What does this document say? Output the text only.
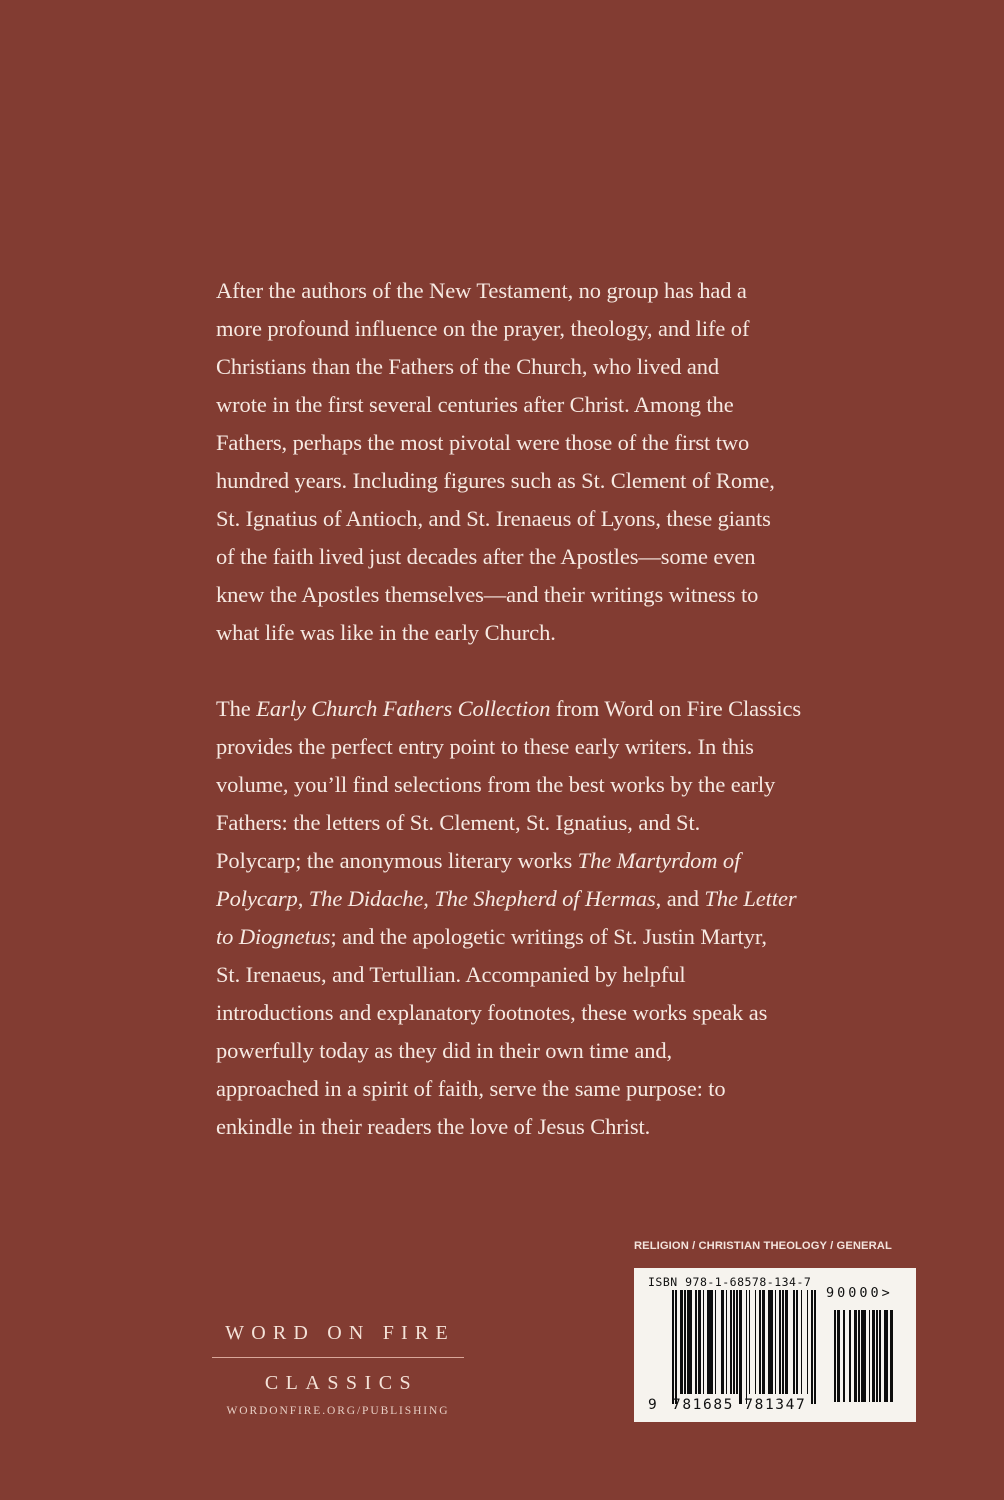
After the authors of the New Testament, no group has had a
more profound influence on the prayer, theology, and life of
Christians than the Fathers of the Church, who lived and
wrote in the first several centuries after Christ. Among the
Fathers, perhaps the most pivotal were those of the first two
hundred years. Including figures such as St. Clement of Rome,
St. Ignatius of Antioch, and St. Irenaeus of Lyons, these giants
of the faith lived just decades after the Apostles—some even
knew the Apostles themselves—and their writings witness to
what life was like in the early Church.

The Early Church Fathers Collection from Word on Fire Classics
provides the perfect entry point to these early writers. In this
volume, you’ll find selections from the best works by the early
Fathers: the letters of St. Clement, St. Ignatius, and St.
Polycarp; the anonymous literary works The Martyrdom of
Polycarp, The Didache, The Shepherd of Hermas, and The Letter
to Diognetus; and the apologetic writings of St. Justin Martyr,
St. Irenaeus, and Tertullian. Accompanied by helpful
introductions and explanatory footnotes, these works speak as
powerfully today as they did in their own time and,
approached in a spirit of faith, serve the same purpose: to
enkindle in their readers the love of Jesus Christ.

RELIGION / CHRISTIAN THEOLOGY / GENERAL
ISBN 978-1-68578-134-7
90000>
9 781685 781347
WORD ON FIRE
CLASSICS
WORDONFIRE.ORG/PUBLISHING
